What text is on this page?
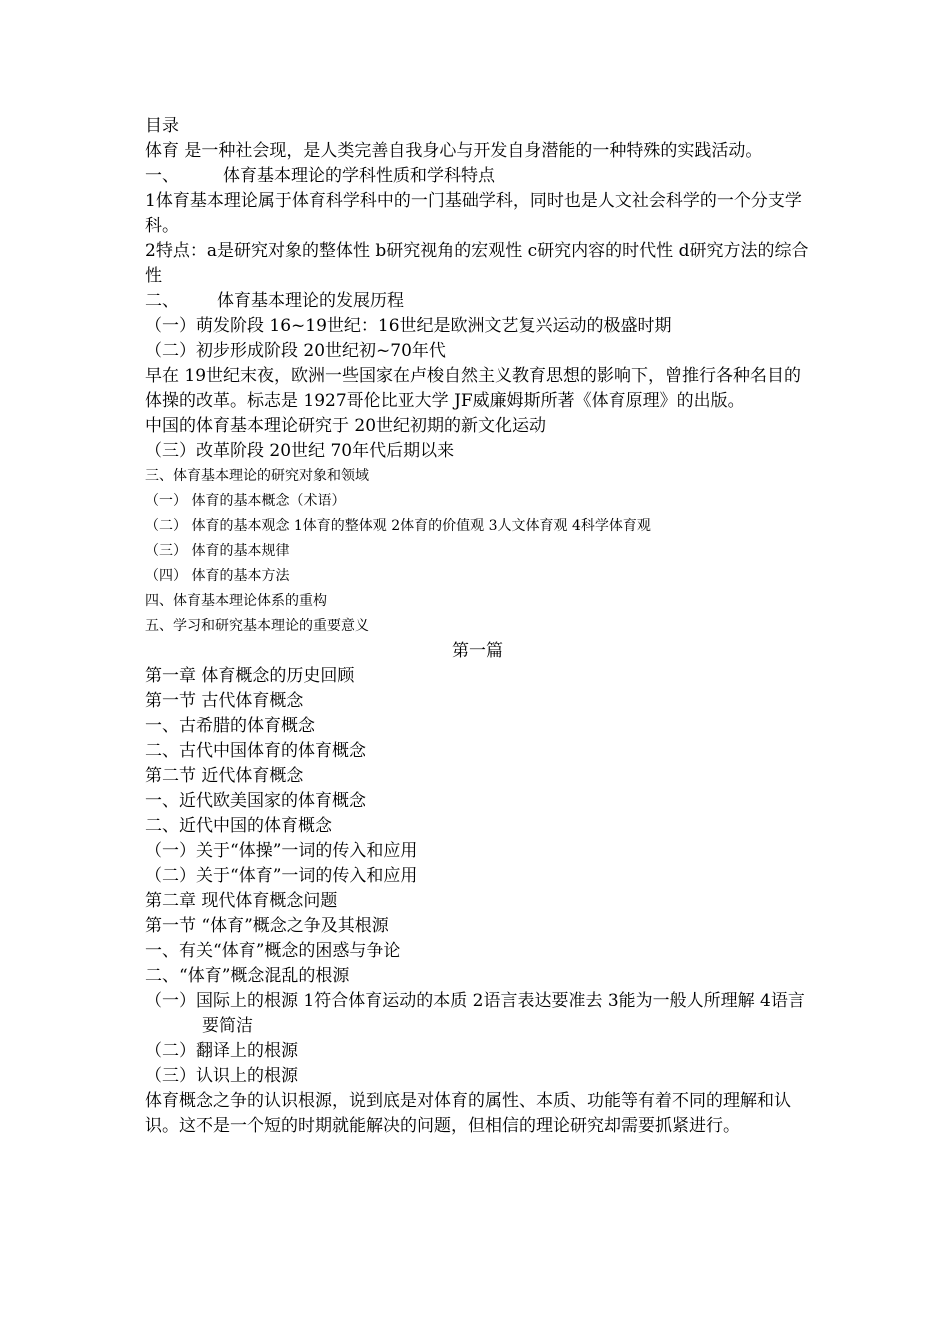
目录

体育 是一种社会现，是人类完善自我身心与开发自身潜能的一种特殊的实践活动。

一、	体育基本理论的学科性质和学科特点

1体育基本理论属于体育科学科中的一门基础学科，同时也是人文社会科学的一个分支学科。

2特点：a是研究对象的整体性 b研究视角的宏观性 c研究内容的时代性 d研究方法的综合性

二、 体育基本理论的发展历程

（一）萌发阶段 16~19世纪：16世纪是欧洲文艺复兴运动的极盛时期

（二）初步形成阶段 20世纪初~70年代

早在 19世纪末夜，欧洲一些国家在卢梭自然主义教育思想的影响下，曾推行各种名目的体操的改革。标志是 1927哥伦比亚大学 JF威廉姆斯所著《体育原理》的出版。

中国的体育基本理论研究于 20世纪初期的新文化运动

（三）改革阶段 20世纪 70年代后期以来

三、体育基本理论的研究对象和领域

（一） 体育的基本概念（术语）

（二） 体育的基本观念 1体育的整体观 2体育的价值观 3人文体育观 4科学体育观

（三） 体育的基本规律

（四） 体育的基本方法

四、体育基本理论体系的重构

五、学习和研究基本理论的重要意义

第一篇

第一章 体育概念的历史回顾

第一节 古代体育概念

一、古希腊的体育概念

二、古代中国体育的体育概念

第二节 近代体育概念

一、近代欧美国家的体育概念

二、近代中国的体育概念

（一）关于“体操”一词的传入和应用

（二）关于“体育”一词的传入和应用

第二章 现代体育概念问题

第一节 “体育”概念之争及其根源

一、有关“体育”概念的困惑与争论

二、“体育”概念混乱的根源

（一）国际上的根源 1符合体育运动的本质 2语言表达要准去 3能为一般人所理解 4语言要简洁

（二）翻译上的根源

（三）认识上的根源

体育概念之争的认识根源，说到底是对体育的属性、本质、功能等有着不同的理解和认识。这不是一个短的时期就能解决的问题，但相信的理论研究却需要抓紧进行。
